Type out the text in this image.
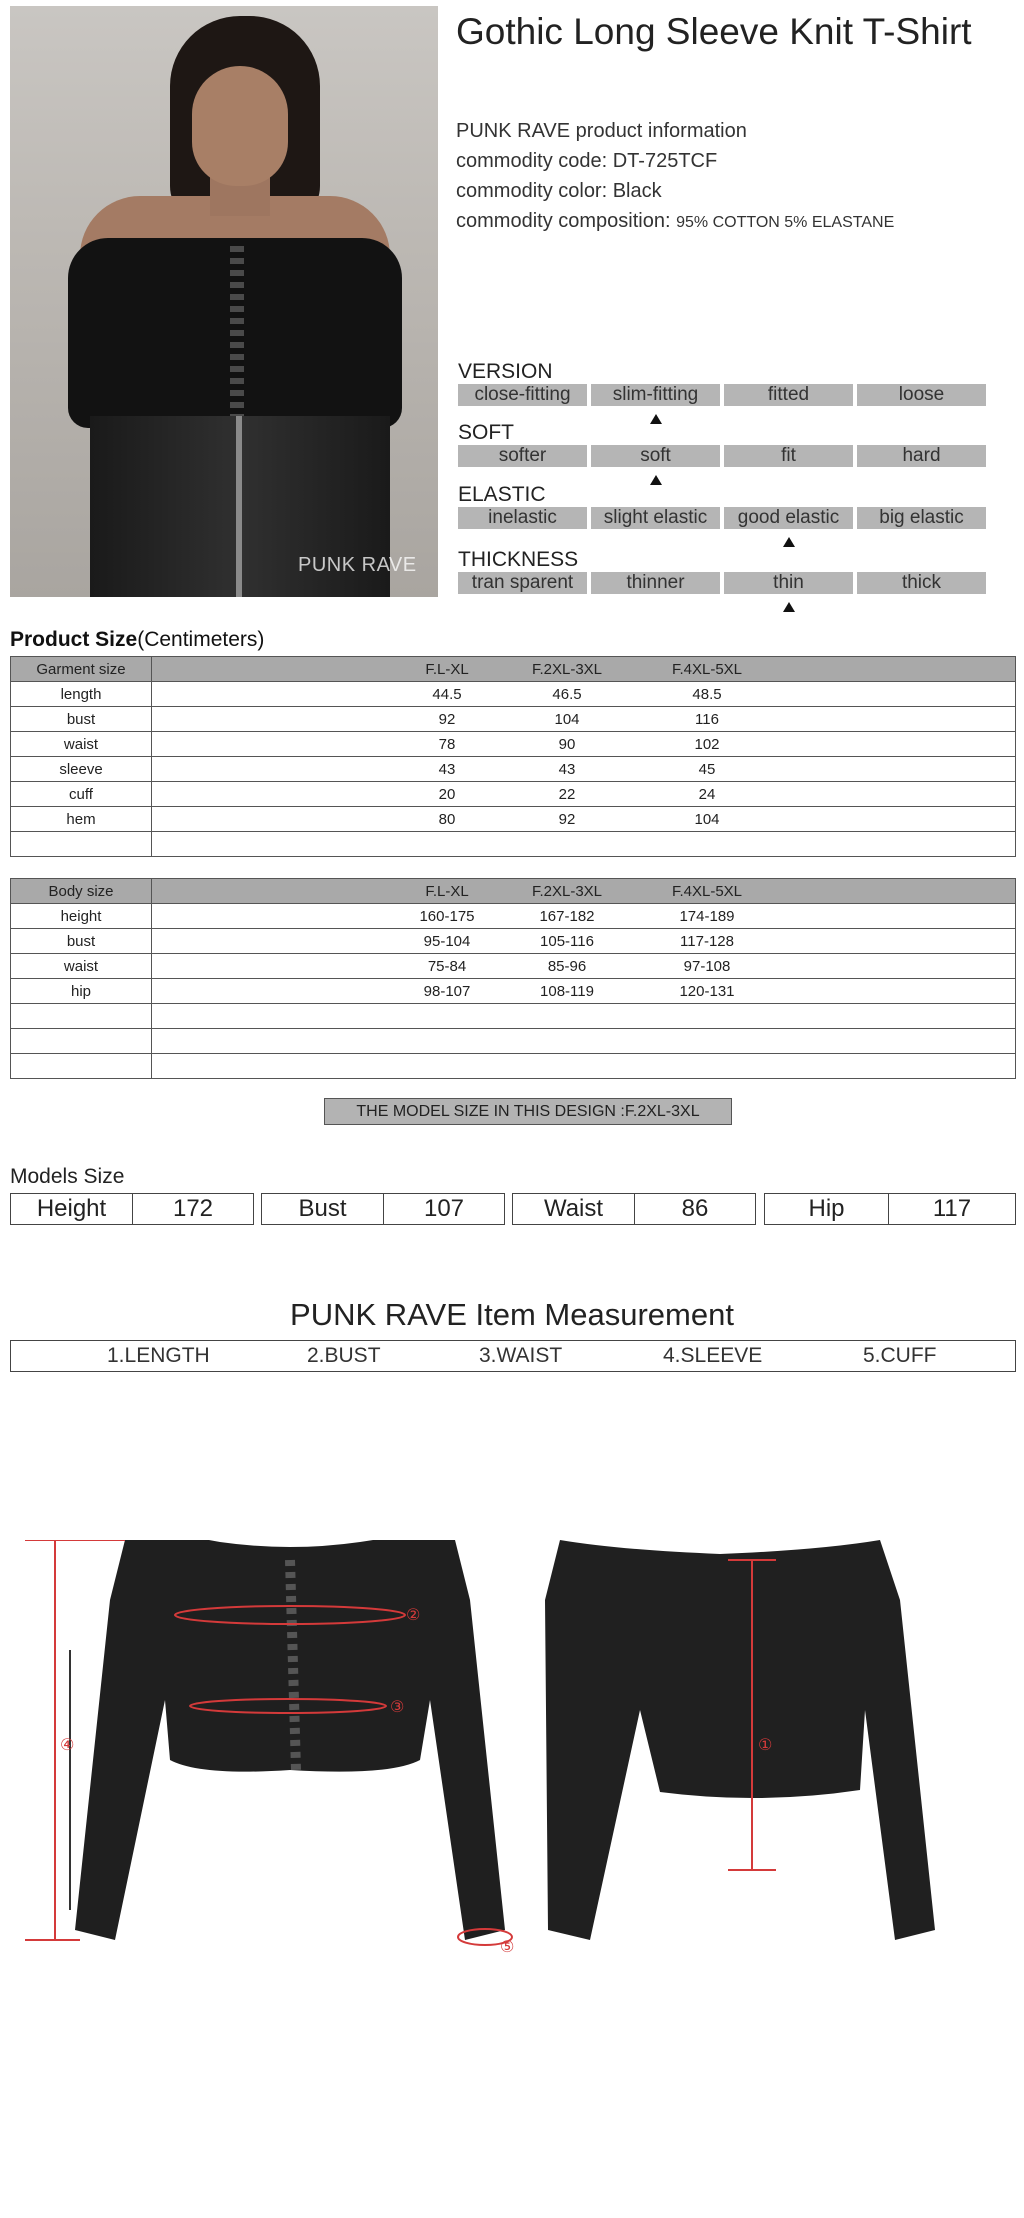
PUNK RAVE
Gothic Long Sleeve Knit T-Shirt
PUNK RAVE product information
commodity code: DT-725TCF
commodity color: Black
commodity composition: 95% COTTON 5% ELASTANE
VERSION
close-fitting	slim-fitting	fitted	loose
SOFT
softer	soft	fit	hard
ELASTIC
inelastic	slight elastic	good elastic	big elastic
THICKNESS
tran sparent	thinner	thin	thick
Product Size(Centimeters)
Garment size	F.L-XL F.2XL-3XL F.4XL-5XL

length	44.5 46.5 48.5

bust	92 104 116

waist	78 90 102

sleeve	43 43 45

cuff	20 22 24

hem	80 92 104

Body size	F.L-XL F.2XL-3XL F.4XL-5XL

height	160-175 167-182 174-189

bust	95-104 105-116 117-128

waist	75-84 85-96 97-108

hip	98-107 108-119 120-131

THE MODEL SIZE IN THIS DESIGN :F.2XL-3XL
Models Size
Height	172	Bust	107	Waist	86	Hip	117
PUNK RAVE Item Measurement
1.LENGTH	2.BUST	3.WAIST	4.SLEEVE	5.CUFF
④
②
③
⑤
①
